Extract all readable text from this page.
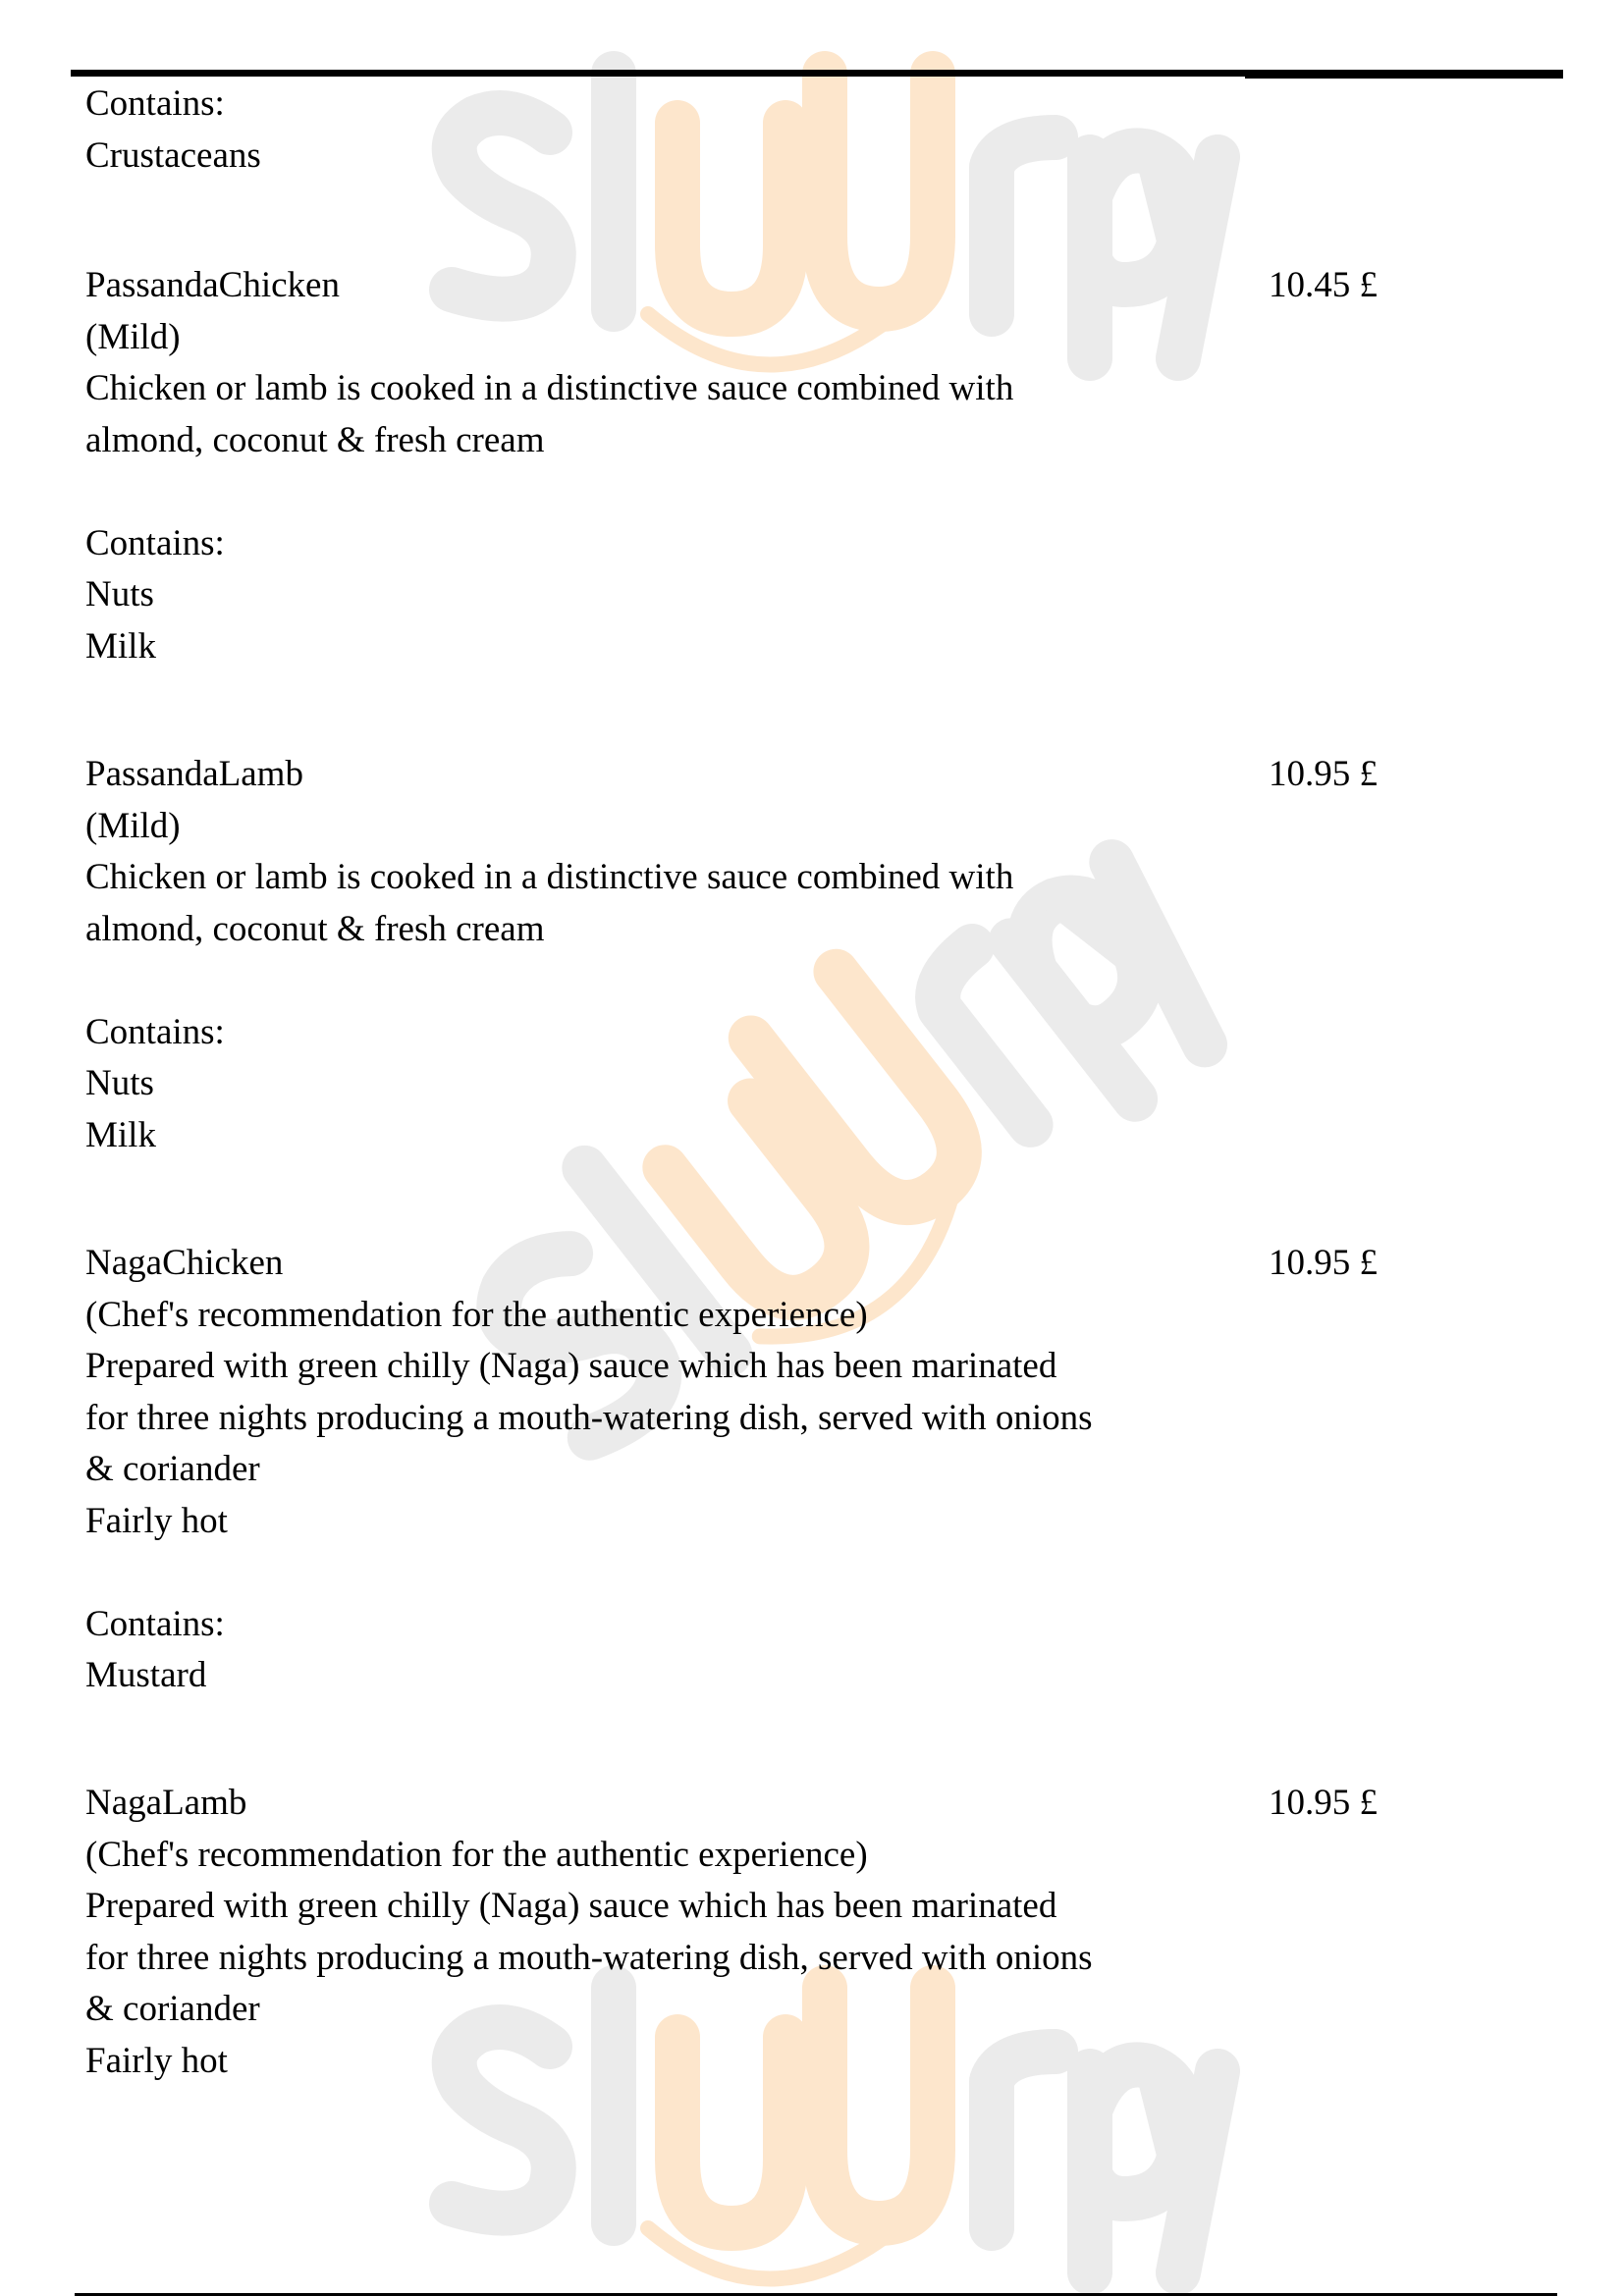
Contains:
Crustaceans
PassandaChicken
(Mild)
Chicken or lamb is cooked in a distinctive sauce combined with
almond, coconut & fresh cream
Contains:
Nuts
Milk
10.45 £
PassandaLamb
(Mild)
Chicken or lamb is cooked in a distinctive sauce combined with
almond, coconut & fresh cream
Contains:
Nuts
Milk
10.95 £
NagaChicken
(Chef's recommendation for the authentic experience)
Prepared with green chilly (Naga) sauce which has been marinated
for three nights producing a mouth-watering dish, served with onions
& coriander
Fairly hot
Contains:
Mustard
10.95 £
NagaLamb
(Chef's recommendation for the authentic experience)
Prepared with green chilly (Naga) sauce which has been marinated
for three nights producing a mouth-watering dish, served with onions
& coriander
Fairly hot
10.95 £
